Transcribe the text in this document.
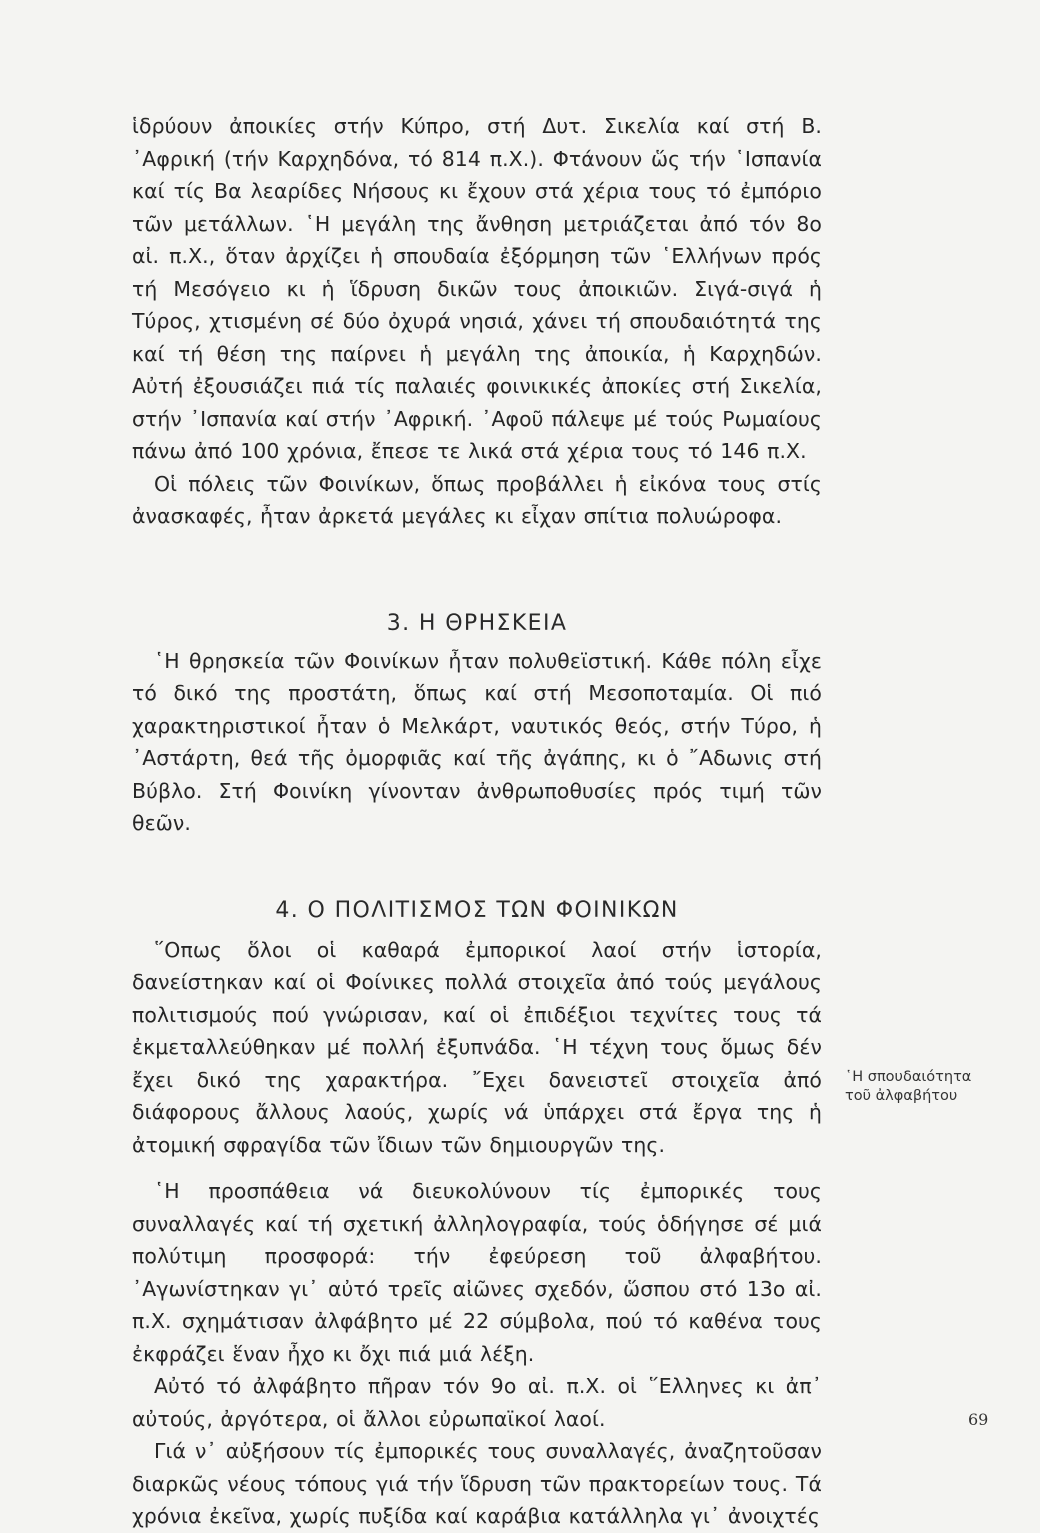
ἱδρύουν ἀποικίες στήν Κύπρο, στή Δυτ. Σικελία καί στή Β. ᾿Αφρική (τήν Καρχηδόνα, τό 814 π.Χ.). Φτάνουν ὥς τήν ῾Ισπανία καί τίς Βα λεαρίδες Νήσους κι ἔχουν στά χέρια τους τό ἐμπόριο τῶν μετάλλων. ῾Η μεγάλη της ἄνθηση μετριάζεται ἀπό τόν 8ο αἰ. π.Χ., ὅταν ἀρχίζει ἡ σπουδαία ἐξόρμηση τῶν ῾Ελλήνων πρός τή Μεσόγειο κι ἡ ἵδρυση δικῶν τους ἀποικιῶν. Σιγά-σιγά ἡ Τύρος, χτισμένη σέ δύο ὀχυρά νησιά, χάνει τή σπουδαιότητά της καί τή θέση της παίρνει ἡ μεγάλη της ἀποικία, ἡ Καρχηδών. Αὐτή ἐξουσιάζει πιά τίς παλαιές φοινικικές ἀποκίες στή Σικελία, στήν ᾿Ισπανία καί στήν ᾿Αφρική. ᾿Αφοῦ πάλεψε μέ τούς Ρωμαίους πάνω ἀπό 100 χρόνια, ἔπεσε τε λικά στά χέρια τους τό 146 π.Χ.

Οἱ πόλεις τῶν Φοινίκων, ὅπως προβάλλει ἡ εἰκόνα τους στίς ἀνασκαφές, ἦταν ἀρκετά μεγάλες κι εἶχαν σπίτια πολυώροφα.

3. Η ΘΡΗΣΚΕΙΑ

῾Η θρησκεία τῶν Φοινίκων ἦταν πολυθεϊστική. Κάθε πόλη εἶχε τό δικό της προστάτη, ὅπως καί στή Μεσοποταμία. Οἱ πιό χαρακτηριστικοί ἦταν ὁ Μελκάρτ, ναυτικός θεός, στήν Τύρο, ἡ ᾿Αστάρτη, θεά τῆς ὀμορφιᾶς καί τῆς ἀγάπης, κι ὁ ῎Αδωνις στή Βύβλο. Στή Φοινίκη γίνονταν ἀνθρωποθυσίες πρός τιμή τῶν θεῶν.

4. Ο ΠΟΛΙΤΙΣΜΟΣ ΤΩΝ ΦΟΙΝΙΚΩΝ

῞Οπως ὅλοι οἱ καθαρά ἐμπορικοί λαοί στήν ἱστορία, δανείστηκαν καί οἱ Φοίνικες πολλά στοιχεῖα ἀπό τούς μεγάλους πολιτισμούς πού γνώρισαν, καί οἱ ἐπιδέξιοι τεχνίτες τους τά ἐκμεταλλεύθηκαν μέ πολλή ἐξυπνάδα. ῾Η τέχνη τους ὅμως δέν ἔχει δικό της χαρακτήρα. ῎Εχει δανειστεῖ στοιχεῖα ἀπό διάφορους ἄλλους λαούς, χωρίς νά ὑπάρχει στά ἔργα της ἡ ἀτομική σφραγίδα τῶν ἴδιων τῶν δημιουργῶν της.

῾Η προσπάθεια νά διευκολύνουν τίς ἐμπορικές τους συναλλαγές καί τή σχετική ἀλληλογραφία, τούς ὁδήγησε σέ μιά πολύτιμη προσφορά: τήν ἐφεύρεση τοῦ ἀλφαβήτου. ᾿Αγωνίστηκαν γι᾿ αὐτό τρεῖς αἰῶνες σχεδόν, ὥσπου στό 13ο αἰ. π.Χ. σχημάτισαν ἀλφάβητο μέ 22 σύμβολα, πού τό καθένα τους ἐκφράζει ἕναν ἦχο κι ὄχι πιά μιά λέξη.

Αὐτό τό ἀλφάβητο πῆραν τόν 9ο αἰ. π.Χ. οἱ ῞Ελληνες κι ἀπ᾿ αὐτούς, ἀργότερα, οἱ ἄλλοι εὐρωπαϊκοί λαοί.

Γιά ν᾿ αὐξήσουν τίς ἐμπορικές τους συναλλαγές, ἀναζητοῦσαν διαρκῶς νέους τόπους γιά τήν ἵδρυση τῶν πρακτορείων τους. Τά χρόνια ἐκεῖνα, χωρίς πυξίδα καί καράβια κατάλληλα γι᾿ ἀνοιχτές

῾Η σπουδαιότητα
τοῦ ἀλφαβήτου
69
